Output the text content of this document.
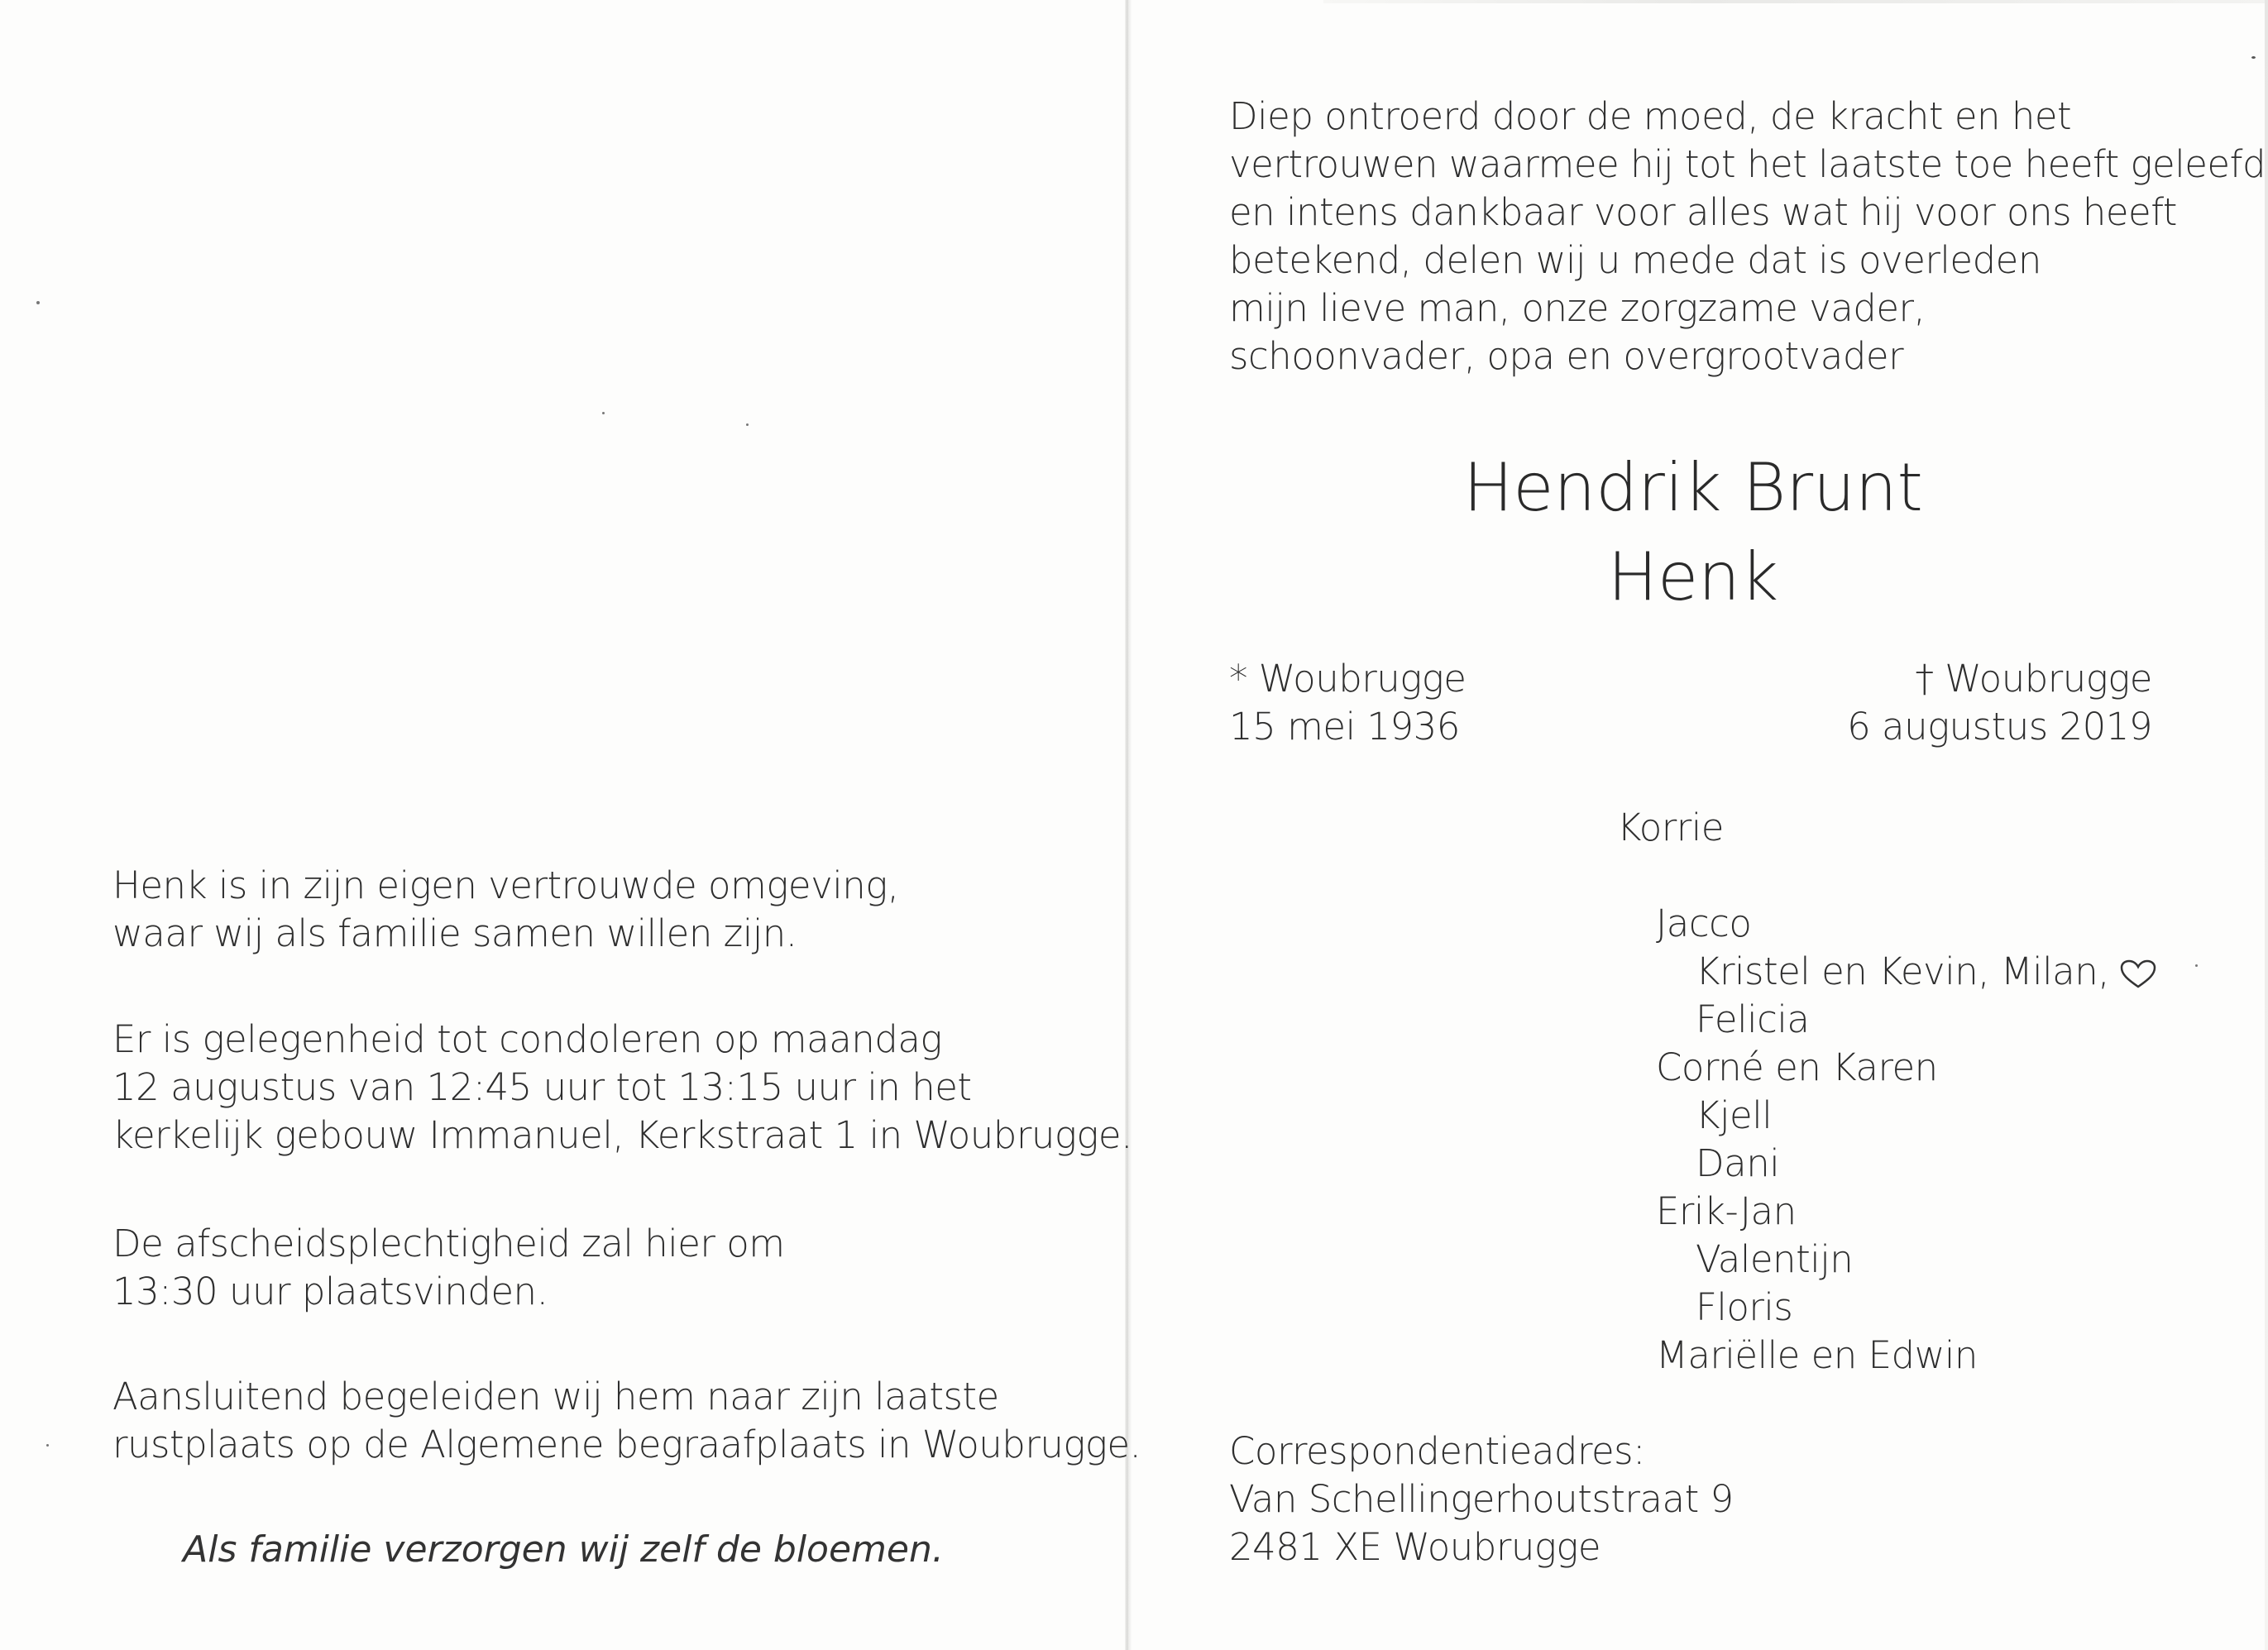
Henk is in zijn eigen vertrouwde omgeving,
waar wij als familie samen willen zijn.
Er is gelegenheid tot condoleren op maandag
12 augustus van 12:45 uur tot 13:15 uur in het
kerkelijk gebouw Immanuel, Kerkstraat 1 in Woubrugge.
De afscheidsplechtigheid zal hier om
13:30 uur plaatsvinden.
Aansluitend begeleiden wij hem naar zijn laatste
rustplaats op de Algemene begraafplaats in Woubrugge.
Als familie verzorgen wij zelf de bloemen.
Diep ontroerd door de moed, de kracht en het
vertrouwen waarmee hij tot het laatste toe heeft geleefd
en intens dankbaar voor alles wat hij voor ons heeft
betekend, delen wij u mede dat is overleden
mijn lieve man, onze zorgzame vader,
schoonvader, opa en overgrootvader
Hendrik Brunt
Henk
* Woubrugge
15 mei 1936
† Woubrugge
6 augustus 2019
Korrie
Jacco
Kristel en Kevin, Milan,
Felicia
Corné en Karen
Kjell
Dani
Erik-Jan
Valentijn
Floris
Mariëlle en Edwin
Correspondentieadres:
Van Schellingerhoutstraat 9
2481 XE Woubrugge
